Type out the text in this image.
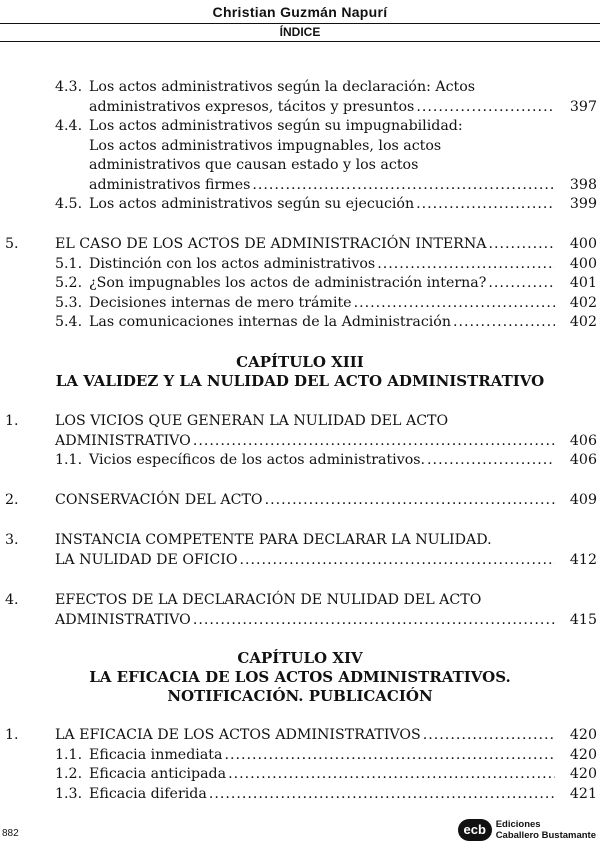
Christian Guzmán Napurí
ÍNDICE
4.3. Los actos administrativos según la declaración: Actos
administrativos expresos, tácitos y presuntos .....	397
4.4. Los actos administrativos según su impugnabilidad:
Los actos administrativos impugnables, los actos
administrativos que causan estado y los actos
administrativos firmes .....	398
4.5. Los actos administrativos según su ejecución .....	399
5.	EL CASO DE LOS ACTOS DE ADMINISTRACIÓN INTERNA .....	400
5.1. Distinción con los actos administrativos .....	400
5.2. ¿Son impugnables los actos de administración interna? .....	401
5.3. Decisiones internas de mero trámite .....	402
5.4. Las comunicaciones internas de la Administración .....	402
CAPÍTULO XIII
LA VALIDEZ Y LA NULIDAD DEL ACTO ADMINISTRATIVO
1.	LOS VICIOS QUE GENERAN LA NULIDAD DEL ACTO
ADMINISTRATIVO .....	406
1.1. Vicios específicos de los actos administrativos. .....	406
2.	CONSERVACIÓN DEL ACTO .....	409
3.	INSTANCIA COMPETENTE PARA DECLARAR LA NULIDAD.
LA NULIDAD DE OFICIO .....	412
4.	EFECTOS DE LA DECLARACIÓN DE NULIDAD DEL ACTO
ADMINISTRATIVO .....	415
CAPÍTULO XIV
LA EFICACIA DE LOS ACTOS ADMINISTRATIVOS.
NOTIFICACIÓN. PUBLICACIÓN
1.	LA EFICACIA DE LOS ACTOS ADMINISTRATIVOS .....	420
1.1. Eficacia inmediata .....	420
1.2. Eficacia anticipada .....	420
1.3. Eficacia diferida .....	421
882	ecb	Ediciones
Caballero Bustamante
